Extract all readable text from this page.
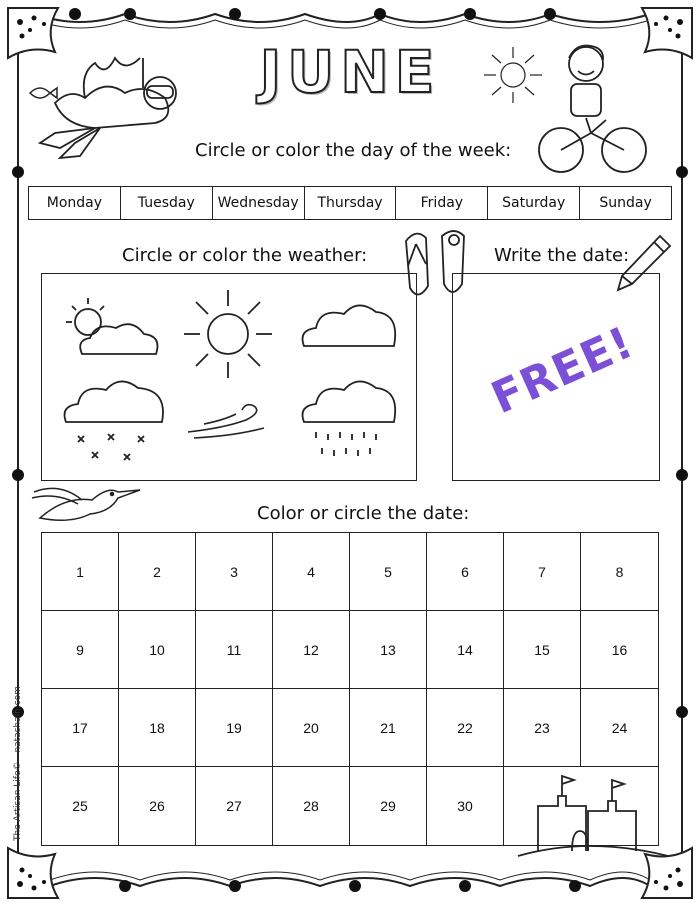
JUNE
Circle or color the day of the week:
Monday	Tuesday	Wednesday	Thursday	Friday	Saturday	Sunday
Circle or color the weather:	Write the date:
FREE!
Color or circle the date:
1	2	3	4	5	6	7	8
9	10	11	12	13	14	15	16
17	18	19	20	21	22	23	24
25	26	27	28	29	30
The Artisan Life© - natashalh.com
